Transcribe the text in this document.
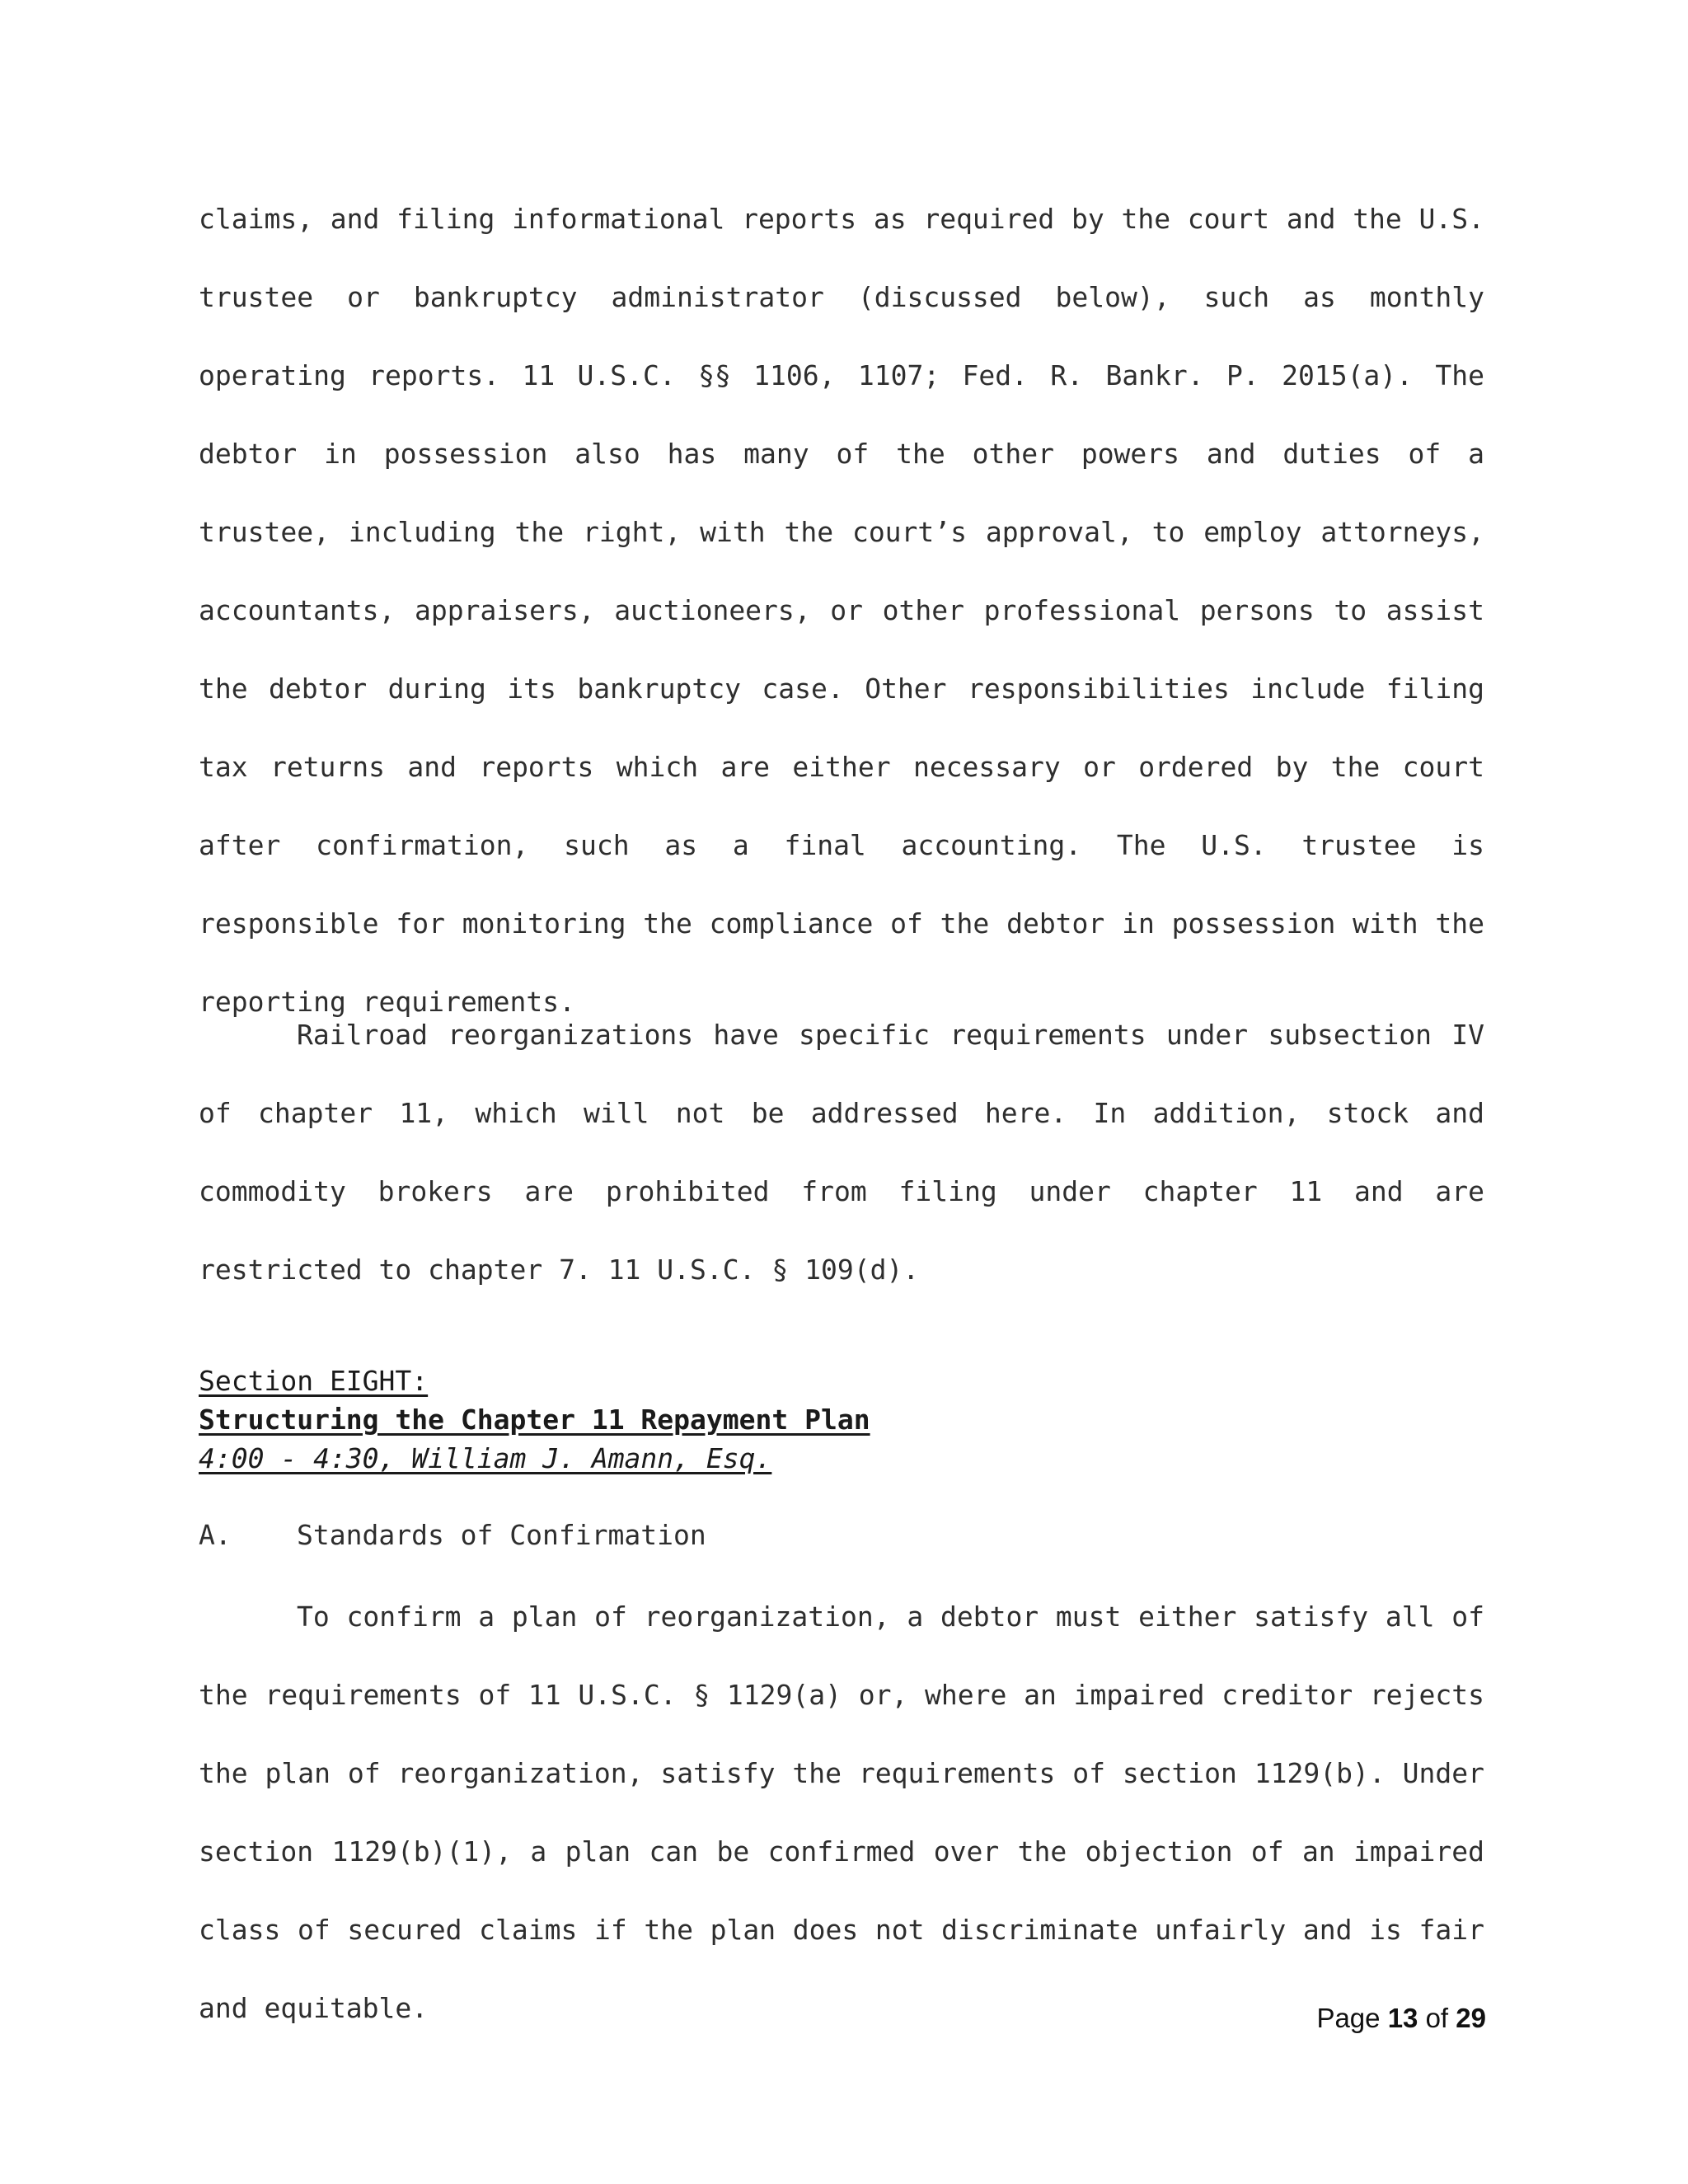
claims, and filing informational reports as required by the court and the U.S. trustee or bankruptcy administrator (discussed below), such as monthly operating reports. 11 U.S.C. §§ 1106, 1107; Fed. R. Bankr. P. 2015(a). The debtor in possession also has many of the other powers and duties of a trustee, including the right, with the court’s approval, to employ attorneys, accountants, appraisers, auctioneers, or other professional persons to assist the debtor during its bankruptcy case. Other responsibilities include filing tax returns and reports which are either necessary or ordered by the court after confirmation, such as a final accounting. The U.S. trustee is responsible for monitoring the compliance of the debtor in possession with the reporting requirements.

Railroad reorganizations have specific requirements under subsection IV of chapter 11, which will not be addressed here. In addition, stock and commodity brokers are prohibited from filing under chapter 11 and are restricted to chapter 7. 11 U.S.C. § 109(d).

Section EIGHT:
Structuring the Chapter 11 Repayment Plan
4:00 - 4:30, William J. Amann, Esq.
A. Standards of Confirmation

To confirm a plan of reorganization, a debtor must either satisfy all of the requirements of 11 U.S.C. § 1129(a) or, where an impaired creditor rejects the plan of reorganization, satisfy the requirements of section 1129(b). Under section 1129(b)(1), a plan can be confirmed over the objection of an impaired class of secured claims if the plan does not discriminate unfairly and is fair and equitable.	Page 13 of 29
